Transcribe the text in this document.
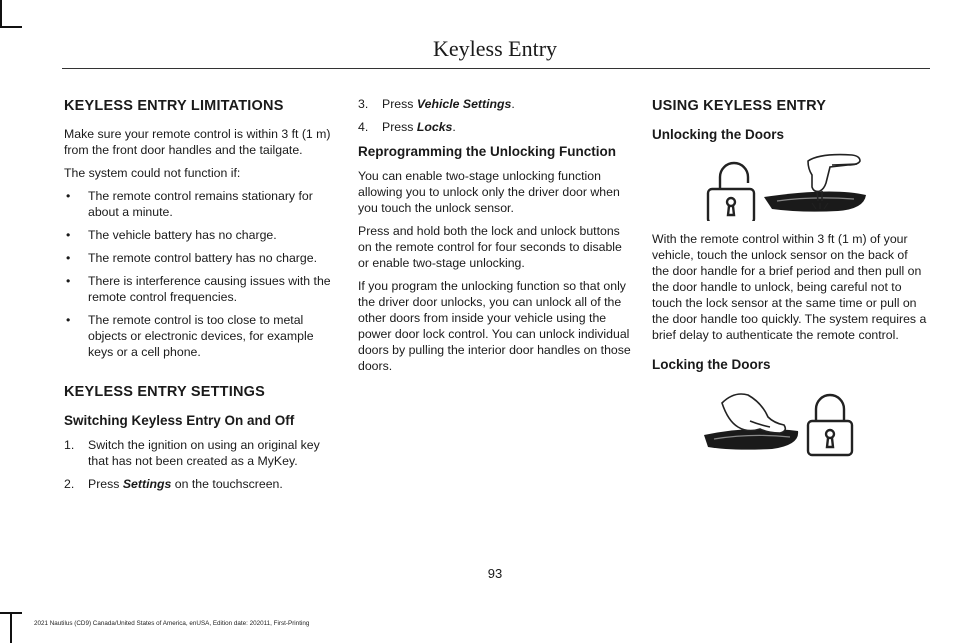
Keyless Entry
KEYLESS ENTRY LIMITATIONS

Make sure your remote control is within 3 ft (1 m) from the front door handles and the tailgate.

The system could not function if:

• The remote control remains stationary for about a minute.
• The vehicle battery has no charge.
• The remote control battery has no charge.
• There is interference causing issues with the remote control frequencies.
• The remote control is too close to metal objects or electronic devices, for example keys or a cell phone.
KEYLESS ENTRY SETTINGS
Switching Keyless Entry On and Off
1. Switch the ignition on using an original key that has not been created as a MyKey.
2. Press Settings on the touchscreen.
3. Press Vehicle Settings.
4. Press Locks.
Reprogramming the Unlocking Function

You can enable two-stage unlocking function allowing you to unlock only the driver door when you touch the unlock sensor.

Press and hold both the lock and unlock buttons on the remote control for four seconds to disable or enable two-stage unlocking.

If you program the unlocking function so that only the driver door unlocks, you can unlock all of the other doors from inside your vehicle using the power door lock control. You can unlock individual doors by pulling the interior door handles on those doors.

USING KEYLESS ENTRY
Unlocking the Doors

With the remote control within 3 ft (1 m) of your vehicle, touch the unlock sensor on the back of the door handle for a brief period and then pull on the door handle to unlock, being careful not to touch the lock sensor at the same time or pull on the door handle too quickly. The system requires a brief delay to authenticate the remote control.

Locking the Doors
93
2021 Nautilus (CD9) Canada/United States of America, enUSA, Edition date: 202011, First-Printing
